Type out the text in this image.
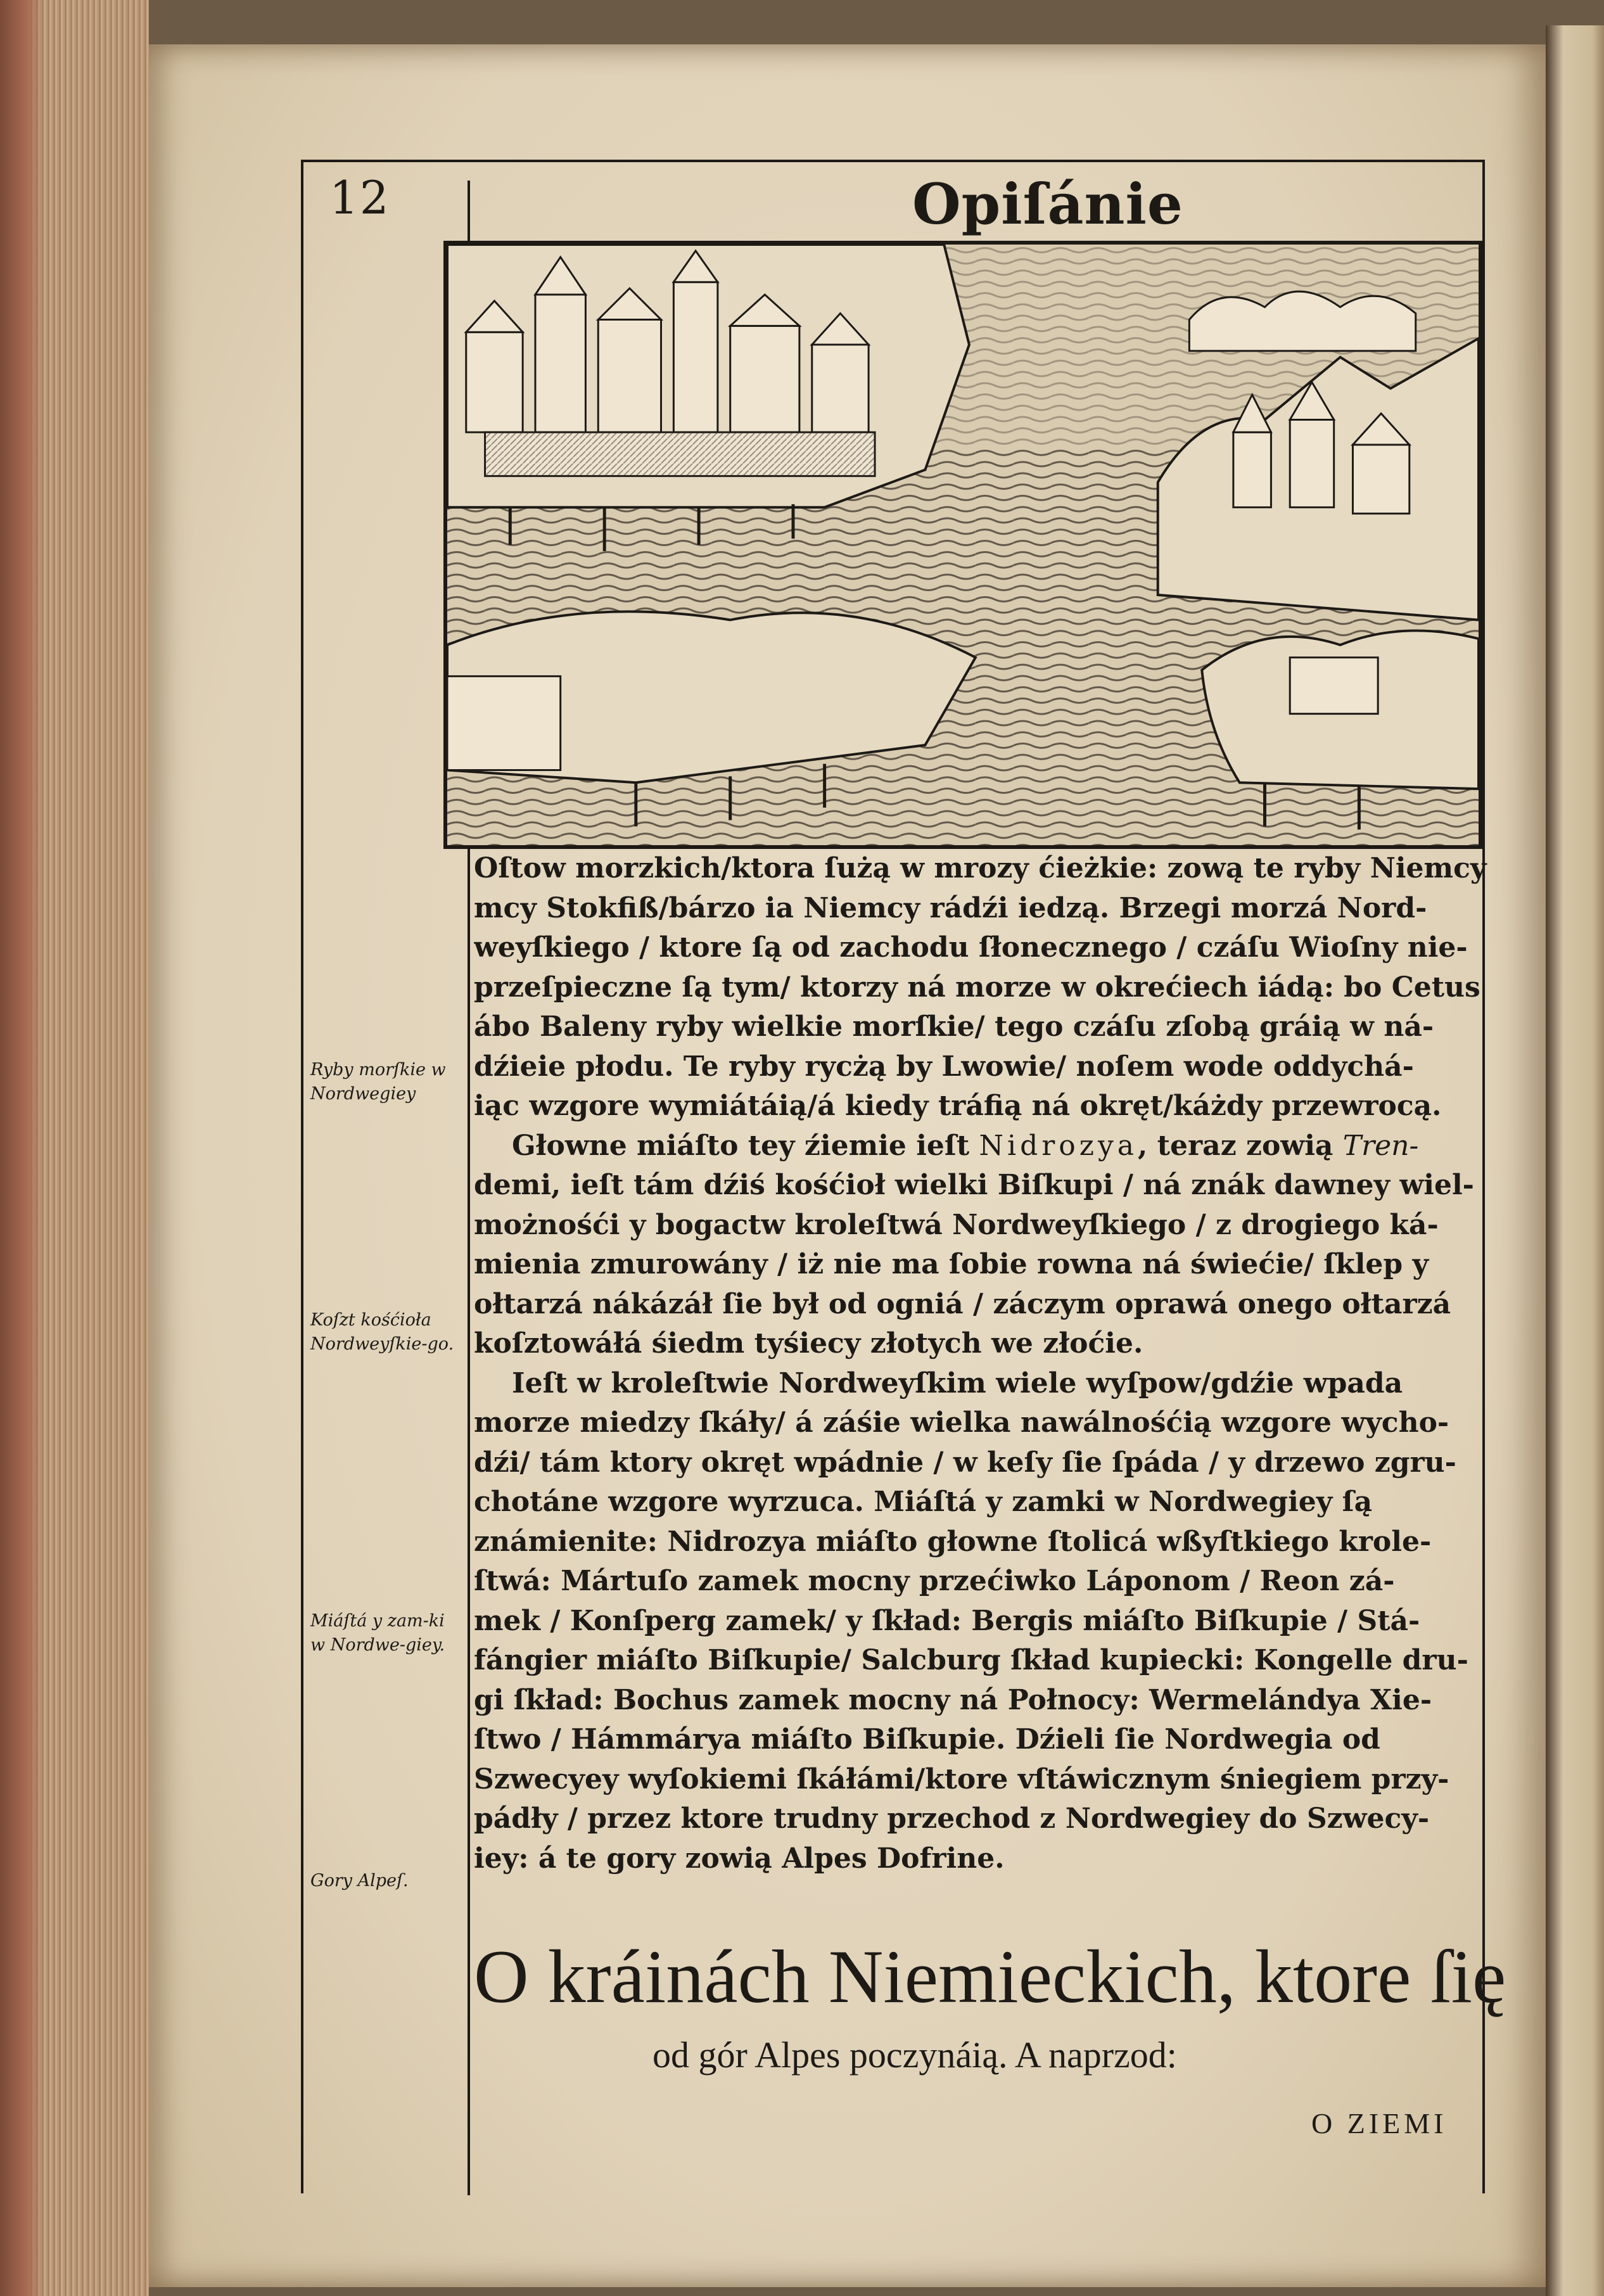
12	Opiſánie
Oſtow morzkich/ktora ſużą w mrozy ćieżkie: zową te ryby Niemcy
mcy Stokfiß/bárzo ia Niemcy rádźi iedzą. Brzegi morzá Nord-
weyſkiego / ktore ſą od zachodu ſłonecznego / czáſu Wioſny nie-
przeſpieczne ſą tym/ ktorzy ná morze w okrećiech iádą: bo Cetus
ábo Baleny ryby wielkie morſkie/ tego czáſu zſobą gráią w ná-
dźieie płodu. Te ryby rycżą by Lwowie/ noſem wode oddychá-
iąc wzgore wymiátáią/á kiedy tráfią ná okręt/káżdy przewrocą.
Głowne miáſto tey źiemie ieſt Nidrozya, teraz zowią Tren-
demi, ieſt tám dźiś kośćioł wielki Biſkupi / ná znák dawney wiel-
możnośći y bogactw kroleſtwá Nordweyſkiego / z drogiego ká-
mienia zmurowány / iż nie ma ſobie rowna ná świećie/ ſklep y
ołtarzá nákázáł ſie był od ogniá / záczym oprawá onego ołtarzá
koſztowáłá śiedm tyśiecy złotych we złoćie.
Ieſt w kroleſtwie Nordweyſkim wiele wyſpow/gdźie wpada
morze miedzy ſkáły/ á záśie wielka nawálnośćią wzgore wycho-
dźi/ tám ktory okręt wpádnie / w keſy ſie ſpáda / y drzewo zgru-
chotáne wzgore wyrzuca. Miáſtá y zamki w Nordwegiey ſą
známienite: Nidrozya miáſto głowne ſtolicá wßyſtkiego krole-
ſtwá: Mártuſo zamek mocny przećiwko Láponom / Reon zá-
mek / Konſperg zamek/ y ſkład: Bergis miáſto Biſkupie / Stá-
fángier miáſto Biſkupie/ Salcburg ſkład kupiecki: Kongelle dru-
gi ſkład: Bochus zamek mocny ná Połnocy: Wermelándya Xie-
ſtwo / Hámmárya miáſto Biſkupie. Dźieli ſie Nordwegia od
Szwecyey wyſokiemi ſkáłámi/ktore vſtáwicznym śniegiem przy-
pádły / przez ktore trudny przechod z Nordwegiey do Szwecy-
iey: á te gory zowią Alpes Dofrine.
Ryby morſkie w Nordwegiey
Koſzt kośćioła Nordweyſkie-go.
Miáſtá y zam-ki w Nordwe-giey.
Gory Alpeſ.
O kráinách Niemieckich, ktore ſię
od gór Alpes poczynáią. A naprzod:
O ZIEMI
